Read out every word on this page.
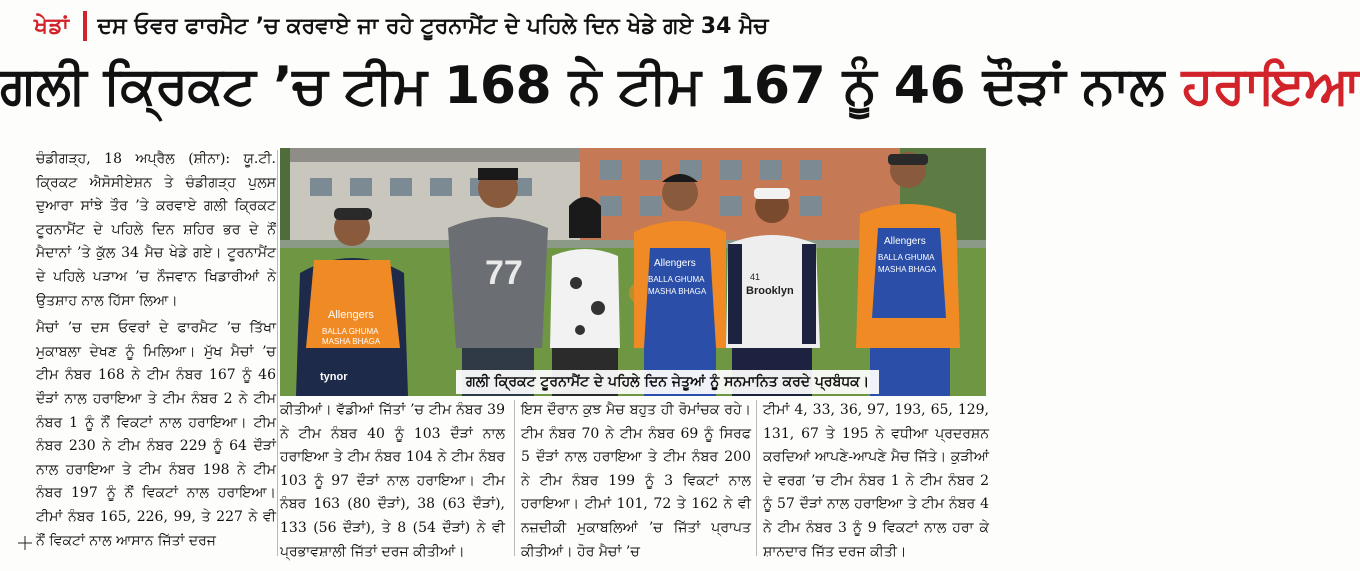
ਖੇਡਾਂ ਦਸ ਓਵਰ ਫਾਰਮੈਟ ’ਚ ਕਰਵਾਏ ਜਾ ਰਹੇ ਟੂਰਨਾਮੈਂਟ ਦੇ ਪਹਿਲੇ ਦਿਨ ਖੇਡੇ ਗਏ 34 ਮੈਚ
ਗਲੀ ਕ੍ਰਿਕਟ ’ਚ ਟੀਮ 168 ਨੇ ਟੀਮ 167 ਨੂੰ 46 ਦੌੜਾਂ ਨਾਲ ਹਰਾਇਆ

ਚੰਡੀਗੜ੍ਹ, 18 ਅਪ੍ਰੈਲ (ਸ਼ੀਨਾ): ਯੂ.ਟੀ. ਕ੍ਰਿਕਟ ਐਸੋਸੀਏਸ਼ਨ ਤੇ ਚੰਡੀਗੜ੍ਹ ਪੁਲਸ ਦੁਆਰਾ ਸਾਂਝੇ ਤੌਰ ’ਤੇ ਕਰਵਾਏ ਗਲੀ ਕ੍ਰਿਕਟ ਟੂਰਨਾਮੈਂਟ ਦੇ ਪਹਿਲੇ ਦਿਨ ਸ਼ਹਿਰ ਭਰ ਦੇ ਨੌਂ ਮੈਦਾਨਾਂ ’ਤੇ ਕੁੱਲ 34 ਮੈਚ ਖੇਡੇ ਗਏ। ਟੂਰਨਾਮੈਂਟ ਦੇ ਪਹਿਲੇ ਪੜਾਅ ’ਚ ਨੌਜਵਾਨ ਖਿਡਾਰੀਆਂ ਨੇ ਉਤਸ਼ਾਹ ਨਾਲ ਹਿੱਸਾ ਲਿਆ।

ਮੈਚਾਂ ’ਚ ਦਸ ਓਵਰਾਂ ਦੇ ਫਾਰਮੈਟ ’ਚ ਤਿੱਖਾ ਮੁਕਾਬਲਾ ਦੇਖਣ ਨੂੰ ਮਿਲਿਆ। ਮੁੱਖ ਮੈਚਾਂ ’ਚ ਟੀਮ ਨੰਬਰ 168 ਨੇ ਟੀਮ ਨੰਬਰ 167 ਨੂੰ 46 ਦੌੜਾਂ ਨਾਲ ਹਰਾਇਆ ਤੇ ਟੀਮ ਨੰਬਰ 2 ਨੇ ਟੀਮ ਨੰਬਰ 1 ਨੂੰ ਨੌਂ ਵਿਕਟਾਂ ਨਾਲ ਹਰਾਇਆ। ਟੀਮ ਨੰਬਰ 230 ਨੇ ਟੀਮ ਨੰਬਰ 229 ਨੂੰ 64 ਦੌੜਾਂ ਨਾਲ ਹਰਾਇਆ ਤੇ ਟੀਮ ਨੰਬਰ 198 ਨੇ ਟੀਮ ਨੰਬਰ 197 ਨੂੰ ਨੌਂ ਵਿਕਟਾਂ ਨਾਲ ਹਰਾਇਆ। ਟੀਮਾਂ ਨੰਬਰ 165, 226, 99, ਤੇ 227 ਨੇ ਵੀ ਨੌਂ ਵਿਕਟਾਂ ਨਾਲ ਆਸਾਨ ਜਿੱਤਾਂ ਦਰਜ

Allengers
BALLA GHUMA
MASHA BHAGA
tynor
77	Allengers
BALLA GHUMA
MASHA BHAGA
41
Brooklyn
Allengers
BALLA GHUMA
MASHA BHAGA
ਗਲੀ ਕ੍ਰਿਕਟ ਟੂਰਨਾਮੈਂਟ ਦੇ ਪਹਿਲੇ ਦਿਨ ਜੇਤੂਆਂ ਨੂੰ ਸਨਮਾਨਿਤ ਕਰਦੇ ਪ੍ਰਬੰਧਕ।

ਕੀਤੀਆਂ। ਵੱਡੀਆਂ ਜਿੱਤਾਂ ’ਚ ਟੀਮ ਨੰਬਰ 39 ਨੇ ਟੀਮ ਨੰਬਰ 40 ਨੂੰ 103 ਦੌੜਾਂ ਨਾਲ ਹਰਾਇਆ ਤੇ ਟੀਮ ਨੰਬਰ 104 ਨੇ ਟੀਮ ਨੰਬਰ 103 ਨੂੰ 97 ਦੌੜਾਂ ਨਾਲ ਹਰਾਇਆ। ਟੀਮ ਨੰਬਰ 163 (80 ਦੌੜਾਂ), 38 (63 ਦੌੜਾਂ), 133 (56 ਦੌੜਾਂ), ਤੇ 8 (54 ਦੌੜਾਂ) ਨੇ ਵੀ ਪ੍ਰਭਾਵਸ਼ਾਲੀ ਜਿੱਤਾਂ ਦਰਜ ਕੀਤੀਆਂ।

ਇਸ ਦੌਰਾਨ ਕੁਝ ਮੈਚ ਬਹੁਤ ਹੀ ਰੋਮਾਂਚਕ ਰਹੇ। ਟੀਮ ਨੰਬਰ 70 ਨੇ ਟੀਮ ਨੰਬਰ 69 ਨੂੰ ਸਿਰਫ 5 ਦੌੜਾਂ ਨਾਲ ਹਰਾਇਆ ਤੇ ਟੀਮ ਨੰਬਰ 200 ਨੇ ਟੀਮ ਨੰਬਰ 199 ਨੂੰ 3 ਵਿਕਟਾਂ ਨਾਲ ਹਰਾਇਆ। ਟੀਮਾਂ 101, 72 ਤੇ 162 ਨੇ ਵੀ ਨਜ਼ਦੀਕੀ ਮੁਕਾਬਲਿਆਂ ’ਚ ਜਿੱਤਾਂ ਪ੍ਰਾਪਤ ਕੀਤੀਆਂ। ਹੋਰ ਮੈਚਾਂ ’ਚ

ਟੀਮਾਂ 4, 33, 36, 97, 193, 65, 129, 131, 67 ਤੇ 195 ਨੇ ਵਧੀਆ ਪ੍ਰਦਰਸ਼ਨ ਕਰਦਿਆਂ ਆਪਣੇ-ਆਪਣੇ ਮੈਚ ਜਿੱਤੇ। ਕੁੜੀਆਂ ਦੇ ਵਰਗ ’ਚ ਟੀਮ ਨੰਬਰ 1 ਨੇ ਟੀਮ ਨੰਬਰ 2 ਨੂੰ 57 ਦੌੜਾਂ ਨਾਲ ਹਰਾਇਆ ਤੇ ਟੀਮ ਨੰਬਰ 4 ਨੇ ਟੀਮ ਨੰਬਰ 3 ਨੂੰ 9 ਵਿਕਟਾਂ ਨਾਲ ਹਰਾ ਕੇ ਸ਼ਾਨਦਾਰ ਜਿੱਤ ਦਰਜ ਕੀਤੀ।
